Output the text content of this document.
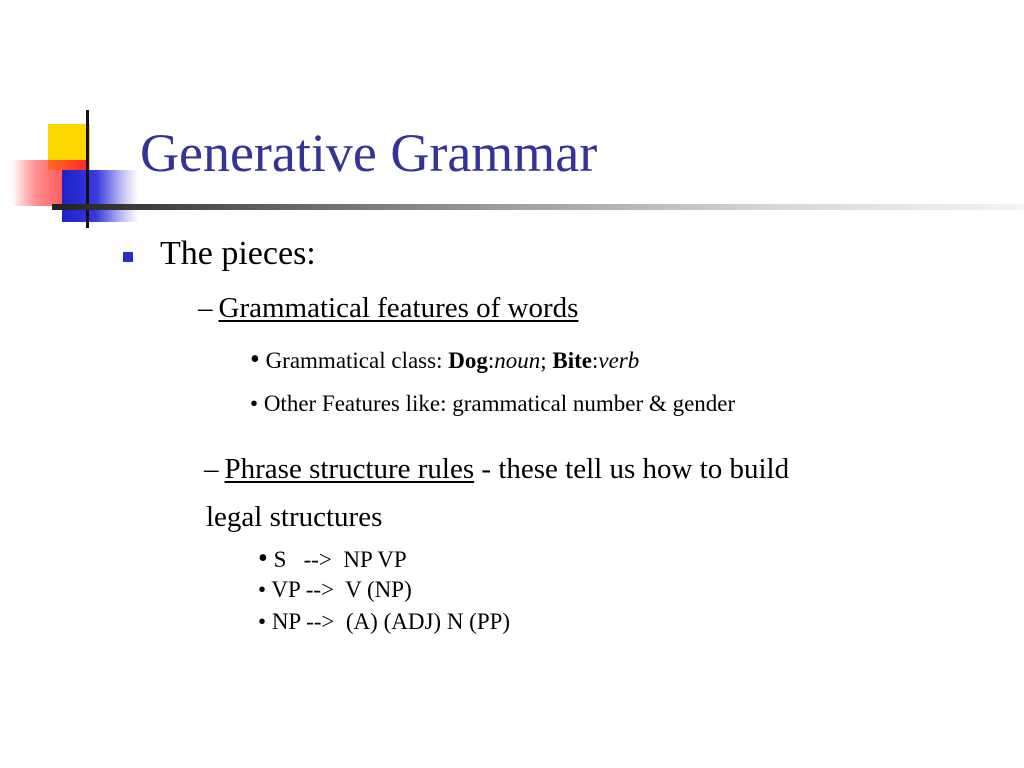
Generative Grammar
The pieces:
– Grammatical features of words
• Grammatical class: Dog:noun; Bite:verb
• Other Features like: grammatical number & gender
– Phrase structure rules - these tell us how to build
legal structures
• S   -->  NP VP
• VP -->  V (NP)
• NP -->  (A) (ADJ) N (PP)
